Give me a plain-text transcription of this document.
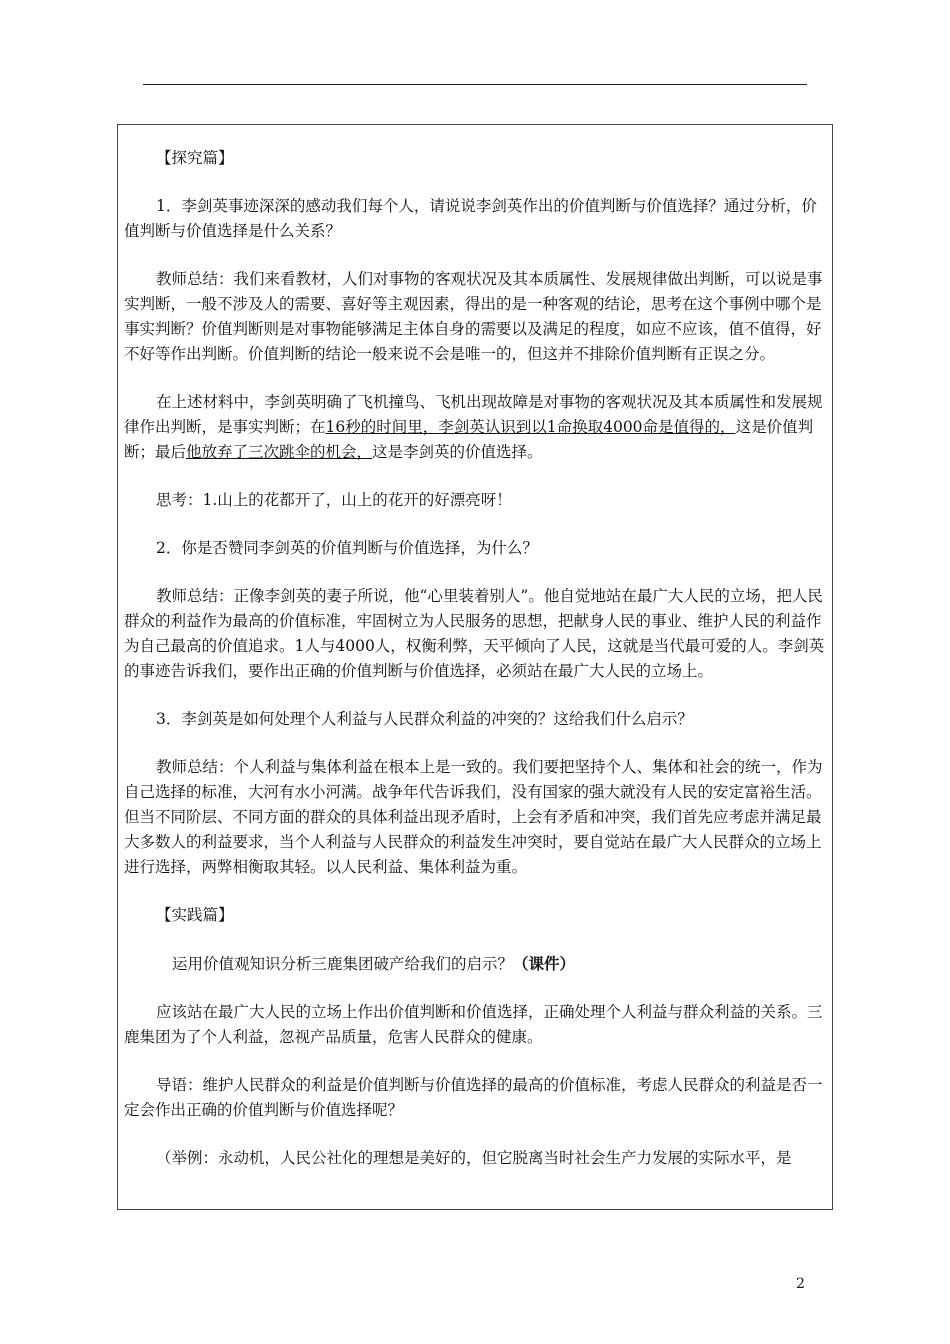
【探究篇】

1．李剑英事迹深深的感动我们每个人，请说说李剑英作出的价值判断与价值选择？通过分析，价值判断与价值选择是什么关系？

教师总结：我们来看教材，人们对事物的客观状况及其本质属性、发展规律做出判断，可以说是事实判断，一般不涉及人的需要、喜好等主观因素，得出的是一种客观的结论，思考在这个事例中哪个是事实判断？价值判断则是对事物能够满足主体自身的需要以及满足的程度，如应不应该，值不值得，好不好等作出判断。价值判断的结论一般来说不会是唯一的，但这并不排除价值判断有正误之分。

在上述材料中，李剑英明确了飞机撞鸟、飞机出现故障是对事物的客观状况及其本质属性和发展规律作出判断，是事实判断；在16秒的时间里，李剑英认识到以1命换取4000命是值得的，这是价值判断；最后他放弃了三次跳伞的机会，这是李剑英的价值选择。

思考：1.山上的花都开了，山上的花开的好漂亮呀！

2．你是否赞同李剑英的价值判断与价值选择，为什么？

教师总结：正像李剑英的妻子所说，他“心里装着别人”。他自觉地站在最广大人民的立场，把人民群众的利益作为最高的价值标准，牢固树立为人民服务的思想，把献身人民的事业、维护人民的利益作为自己最高的价值追求。1人与4000人，权衡利弊，天平倾向了人民，这就是当代最可爱的人。李剑英的事迹告诉我们，要作出正确的价值判断与价值选择，必须站在最广大人民的立场上。

3．李剑英是如何处理个人利益与人民群众利益的冲突的？这给我们什么启示？

教师总结：个人利益与集体利益在根本上是一致的。我们要把坚持个人、集体和社会的统一，作为自己选择的标准，大河有水小河满。战争年代告诉我们，没有国家的强大就没有人民的安定富裕生活。但当不同阶层、不同方面的群众的具体利益出现矛盾时，上会有矛盾和冲突，我们首先应考虑并满足最大多数人的利益要求，当个人利益与人民群众的利益发生冲突时，要自觉站在最广大人民群众的立场上进行选择，两弊相衡取其轻。以人民利益、集体利益为重。

【实践篇】

运用价值观知识分析三鹿集团破产给我们的启示？（课件）

应该站在最广大人民的立场上作出价值判断和价值选择，正确处理个人利益与群众利益的关系。三鹿集团为了个人利益，忽视产品质量，危害人民群众的健康。

导语：维护人民群众的利益是价值判断与价值选择的最高的价值标准，考虑人民群众的利益是否一定会作出正确的价值判断与价值选择呢？

（举例：永动机，人民公社化的理想是美好的，但它脱离当时社会生产力发展的实际水平，是

2
